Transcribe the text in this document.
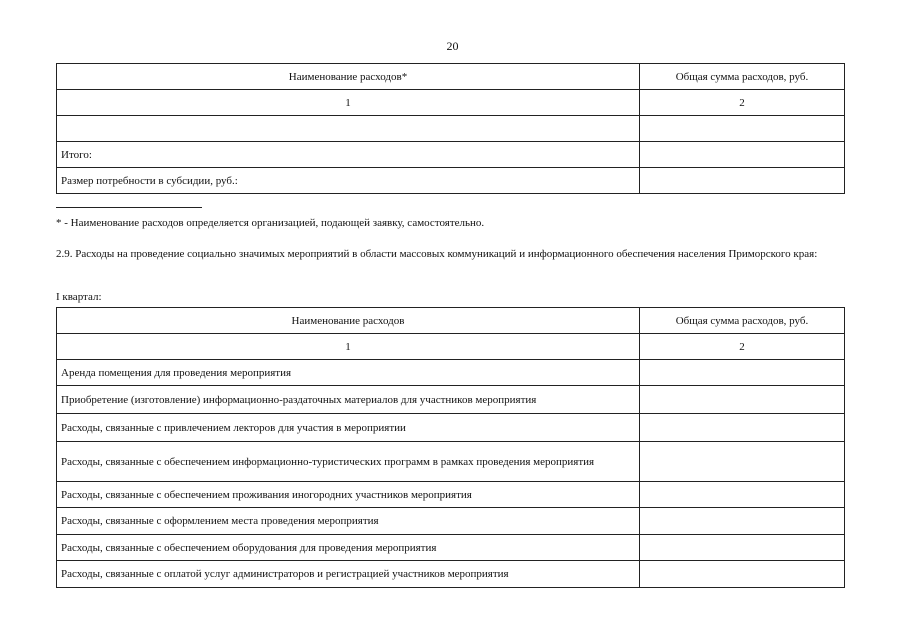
20
Наименование расходов*	Общая сумма расходов, руб.
1	2

Итого:	
Размер потребности в субсидии, руб.:	
* - Наименование расходов определяется организацией, подающей заявку, самостоятельно.
2.9. Расходы на проведение социально значимых мероприятий в области массовых коммуникаций и информационного обеспечения населения Приморского края:
I квартал:
Наименование расходов	Общая сумма расходов, руб.
1	2
Аренда помещения для проведения мероприятия	
Приобретение (изготовление) информационно-раздаточных материалов для участников мероприятия	
Расходы, связанные с привлечением лекторов для участия в мероприятии	
Расходы, связанные с обеспечением информационно-туристических программ в рамках проведения мероприятия	
Расходы, связанные с обеспечением проживания иногородних участников мероприятия	
Расходы, связанные с оформлением места проведения мероприятия	
Расходы, связанные с обеспечением оборудования для проведения мероприятия	
Расходы, связанные с оплатой услуг администраторов и регистрацией участников мероприятия	
